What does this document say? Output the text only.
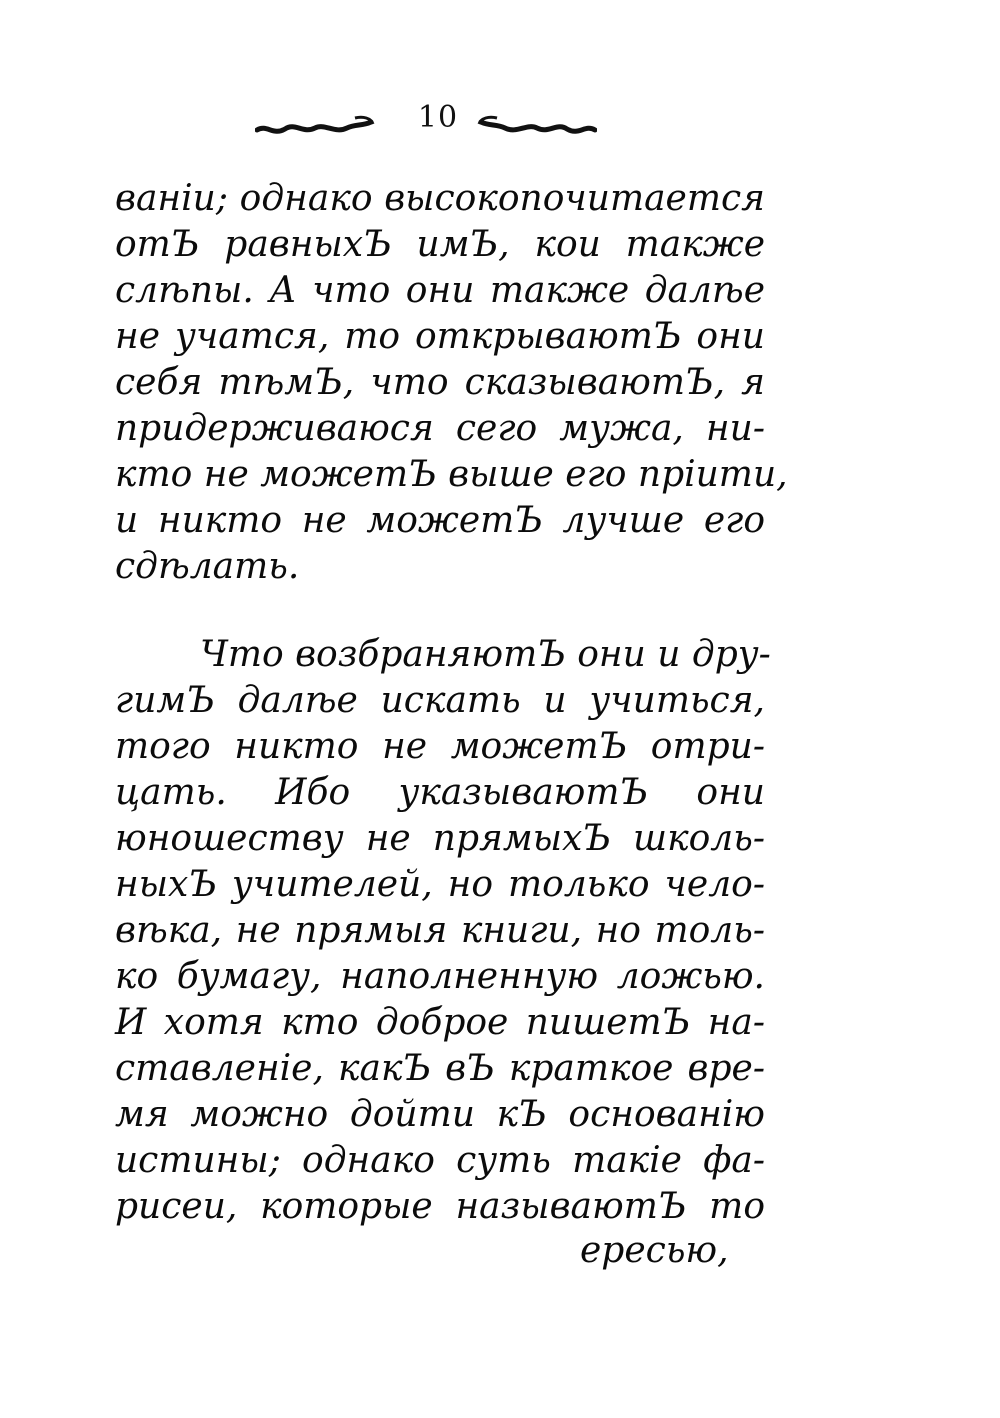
10
ванiи; однако высокопочитается
отЪ равныхЪ имЪ, кои также
слѣпы. А что они также далѣе
не учатся, то открываютЪ они
себя тѣмЪ, что сказываютЪ, я
придерживаюся сего мужа, ни-
кто не можетЪ выше его прiити,
и никто не можетЪ лучше его
сдѣлать.
Что возбраняютЪ они и дру-
гимЪ далѣе искать и учиться,
того никто не можетЪ отри-
цать. Ибо указываютЪ они
юношеству не прямыхЪ школь-
ныхЪ учителей, но только чело-
вѣка, не прямыя книги, но толь-
ко бумагу, наполненную ложью.
И хотя кто доброе пишетЪ на-
ставленiе, какЪ вЪ краткое вре-
мя можно дойти кЪ основанiю
истины; однако суть такiе фа-
рисеи, которые называютЪ то
ересью,
